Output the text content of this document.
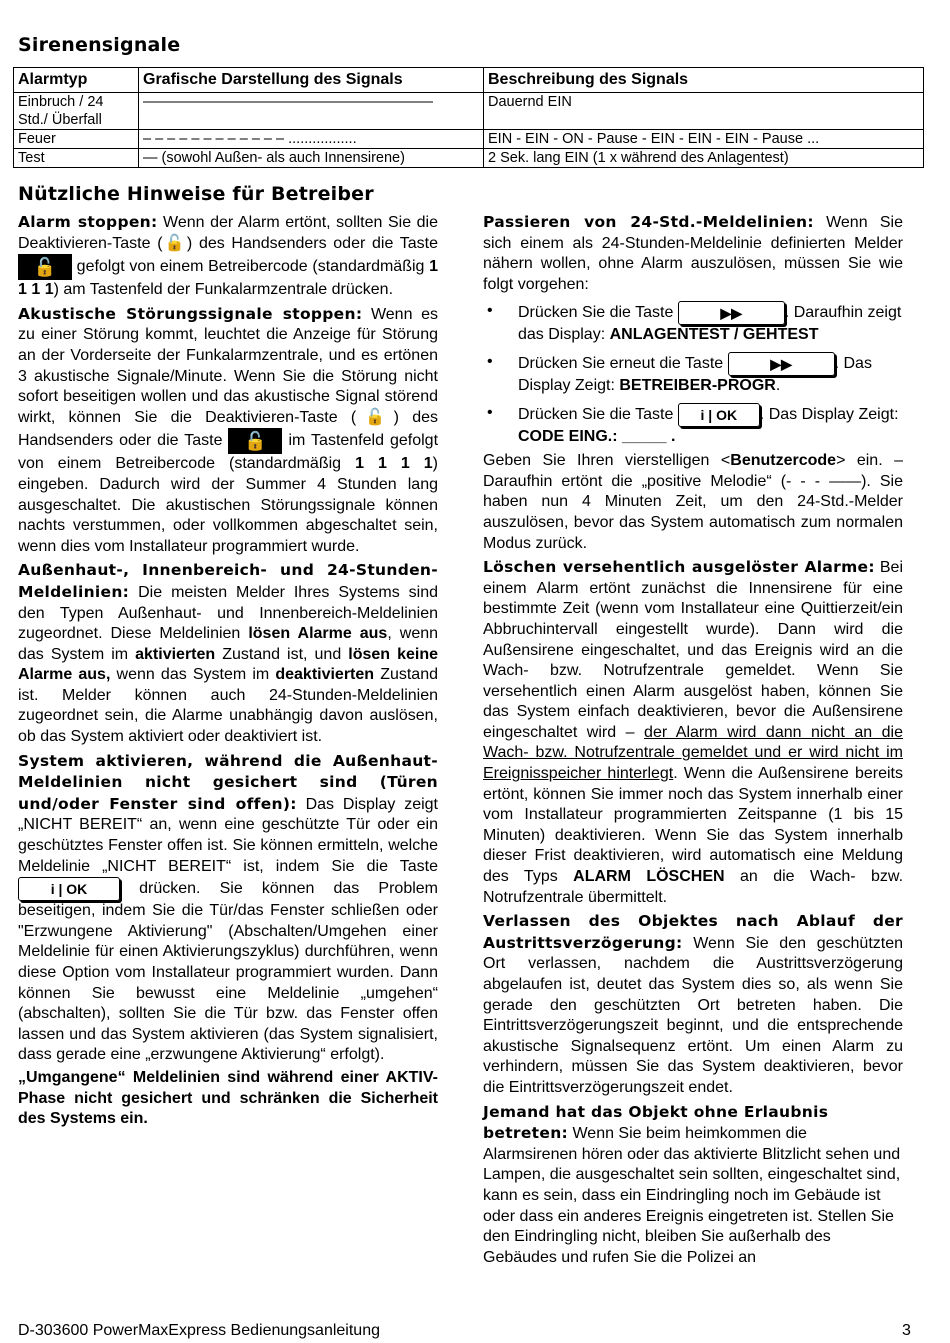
Sirenensignale
Alarmtyp	Grafische Darstellung des Signals	Beschreibung des Signals
Einbruch / 24 Std./ Überfall	————————————————————	Dauernd EIN
Feuer	– – – – – – – – – – – – .................	EIN - EIN - ON - Pause - EIN - EIN - EIN - Pause ...
Test	— (sowohl Außen- als auch Innensirene)	2 Sek. lang EIN (1 x während des Anlagentest)
Nützliche Hinweise für Betreiber

Alarm stoppen: Wenn der Alarm ertönt, sollten Sie die Deaktivieren-Taste (🔓) des Handsenders oder die Taste 🔓 gefolgt von einem Betreibercode (standardmäßig 1 1 1 1) am Tastenfeld der Funkalarmzentrale drücken.

Akustische Störungssignale stoppen: Wenn es zu einer Störung kommt, leuchtet die Anzeige für Störung an der Vorderseite der Funkalarmzentrale, und es ertönen 3 akustische Signale/Minute. Wenn Sie die Störung nicht sofort beseitigen wollen und das akustische Signal störend wirkt, können Sie die Deaktivieren-Taste (🔓) des Handsenders oder die Taste 🔓 im Tastenfeld gefolgt von einem Betreibercode (standardmäßig 1 1 1 1) eingeben. Dadurch wird der Summer 4 Stunden lang ausgeschaltet. Die akustischen Störungssignale können nachts verstummen, oder vollkommen abgeschaltet sein, wenn dies vom Installateur programmiert wurde.

Außenhaut-, Innenbereich- und 24-Stunden-Meldelinien: Die meisten Melder Ihres Systems sind den Typen Außenhaut- und Innenbereich-Meldelinien zugeordnet. Diese Meldelinien lösen Alarme aus, wenn das System im aktivierten Zustand ist, und lösen keine Alarme aus, wenn das System im deaktivierten Zustand ist. Melder können auch 24-Stunden-Meldelinien zugeordnet sein, die Alarme unabhängig davon auslösen, ob das System aktiviert oder deaktiviert ist.

System aktivieren, während die Außenhaut-Meldelinien nicht gesichert sind (Türen und/oder Fenster sind offen): Das Display zeigt „NICHT BEREIT“ an, wenn eine geschützte Tür oder ein geschütztes Fenster offen ist. Sie können ermitteln, welche Meldelinie „NICHT BEREIT“ ist, indem Sie die Taste i | OK drücken. Sie können das Problem beseitigen, indem Sie die Tür/das Fenster schließen oder "Erzwungene Aktivierung" (Abschalten/Umgehen einer Meldelinie für einen Aktivierungszyklus) durchführen, wenn diese Option vom Installateur programmiert wurden. Dann können Sie bewusst eine Meldelinie „umgehen“ (abschalten), sollten Sie die Tür bzw. das Fenster offen lassen und das System aktivieren (das System signalisiert, dass gerade eine „erzwungene Aktivierung“ erfolgt).

„Umgangene“ Meldelinien sind während einer AKTIV-Phase nicht gesichert und schränken die Sicherheit des Systems ein.

Passieren von 24-Std.-Meldelinien: Wenn Sie sich einem als 24-Stunden-Meldelinie definierten Melder nähern wollen, ohne Alarm auszulösen, müssen Sie wie folgt vorgehen:

• Drücken Sie die Taste	▶▶	. Daraufhin zeigt das Display: ANLAGENTEST / GEHTEST
• Drücken Sie erneut die Taste	▶▶	. Das Display Zeigt: BETREIBER-PROGR.
• Drücken Sie die Taste i | OK . Das Display Zeigt: CODE EING.: _____ .

Geben Sie Ihren vierstelligen <Benutzercode> ein. – Daraufhin ertönt die „positive Melodie“ (- - - ——). Sie haben nun 4 Minuten Zeit, um den 24-Std.-Melder auszulösen, bevor das System automatisch zum normalen Modus zurück.

Löschen versehentlich ausgelöster Alarme: Bei einem Alarm ertönt zunächst die Innensirene für eine bestimmte Zeit (wenn vom Installateur eine Quittierzeit/ein Abbruchintervall eingestellt wurde). Dann wird die Außensirene eingeschaltet, und das Ereignis wird an die Wach- bzw. Notrufzentrale gemeldet. Wenn Sie versehentlich einen Alarm ausgelöst haben, können Sie das System einfach deaktivieren, bevor die Außensirene eingeschaltet wird – der Alarm wird dann nicht an die Wach- bzw. Notrufzentrale gemeldet und er wird nicht im Ereignisspeicher hinterlegt. Wenn die Außensirene bereits ertönt, können Sie immer noch das System innerhalb einer vom Installateur programmierten Zeitspanne (1 bis 15 Minuten) deaktivieren. Wenn Sie das System innerhalb dieser Frist deaktivieren, wird automatisch eine Meldung des Typs ALARM LÖSCHEN an die Wach- bzw. Notrufzentrale übermittelt.

Verlassen des Objektes nach Ablauf der Austrittsverzögerung: Wenn Sie den geschützten Ort verlassen, nachdem die Austrittsverzögerung abgelaufen ist, deutet das System dies so, als wenn Sie gerade den geschützten Ort betreten haben. Die Eintrittsverzögerungszeit beginnt, und die entsprechende akustische Signalsequenz ertönt. Um einen Alarm zu verhindern, müssen Sie das System deaktivieren, bevor die Eintrittsverzögerungszeit endet.

Jemand hat das Objekt ohne Erlaubnis
betreten: Wenn Sie beim heimkommen die Alarmsirenen hören oder das aktivierte Blitzlicht sehen und Lampen, die ausgeschaltet sein sollten, eingeschaltet sind, kann es sein, dass ein Eindringling noch im Gebäude ist oder dass ein anderes Ereignis eingetreten ist. Stellen Sie den Eindringling nicht, bleiben Sie außerhalb des Gebäudes und rufen Sie die Polizei an

D-303600 PowerMaxExpress Bedienungsanleitung	3
